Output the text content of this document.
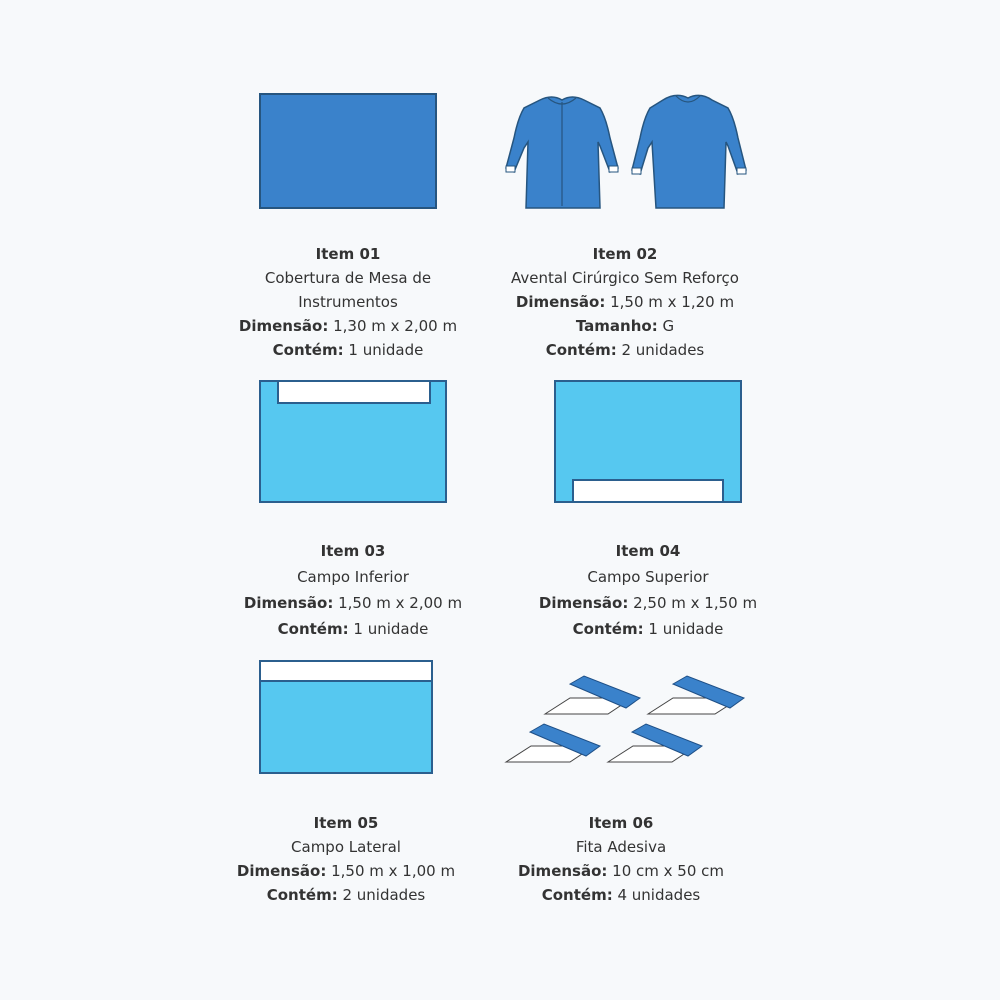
Item 01
Cobertura de Mesa de
Instrumentos
Dimensão: 1,30 m x 2,00 m
Contém: 1 unidade
Item 02
Avental Cirúrgico Sem Reforço
Dimensão: 1,50 m x 1,20 m
Tamanho: G
Contém: 2 unidades
Item 03
Campo Inferior
Dimensão: 1,50 m x 2,00 m
Contém: 1 unidade
Item 04
Campo Superior
Dimensão: 2,50 m x 1,50 m
Contém: 1 unidade
Item 05
Campo Lateral
Dimensão: 1,50 m x 1,00 m
Contém: 2 unidades
Item 06
Fita Adesiva
Dimensão: 10 cm x 50 cm
Contém: 4 unidades
